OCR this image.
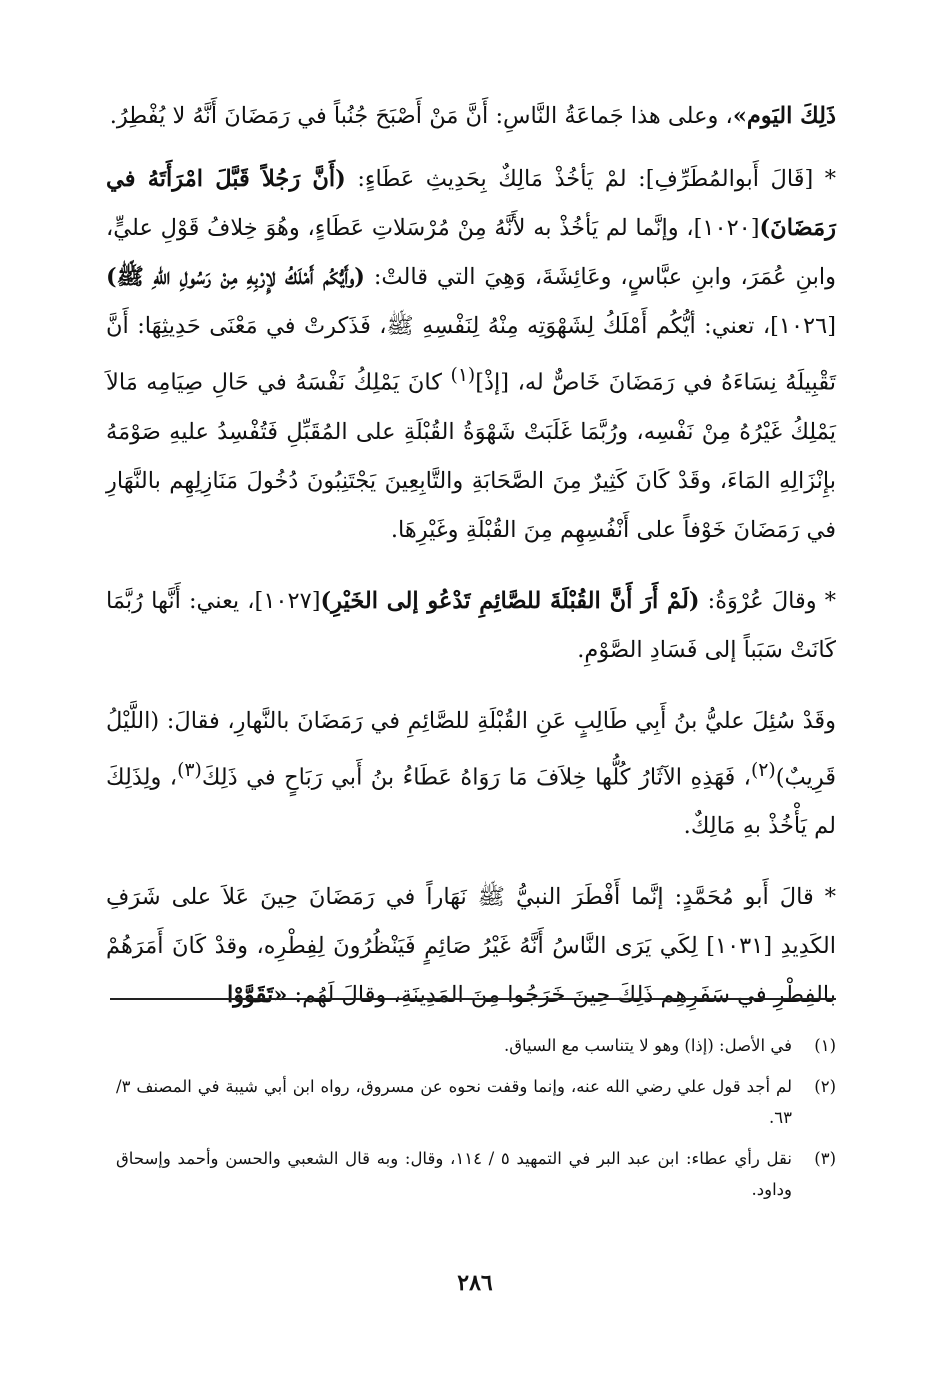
ذَلِكَ اليَوم»، وعلى هذا جَماعَةُ النَّاسِ: أَنَّ مَنْ أَصْبَحَ جُنُباً في رَمَضَانَ أَنَّهُ لا يُفْطِرُ.

* [قَالَ أَبوالمُطَرِّفِ]: لمْ يَأخُذْ مَالِكٌ بِحَدِيثِ عَطَاءٍ: (أَنَّ رَجُلاً قَبَّلَ امْرَأَتَهُ في رَمَضَانَ)[١٠٢٠]، وإنَّما لم يَأخُذْ به لأَنَّهُ مِنْ مُرْسَلاتِ عَطَاءٍ، وهُوَ خِلافُ قَوْلِ عليٍّ، وابنِ عُمَرَ، وابنِ عبَّاسٍ، وعَائِشَةَ، وَهِيَ التي قالتْ: (وأَيُّكُم أَمْلَكُ لإِرْبِهِ مِنْ رَسُولِ اللهِ ﷺ)[١٠٢٦]، تعني: أيُّكُم أَمْلَكُ لِشَهْوَتِه مِنْهُ لِنَفْسِهِ ﷺ، فَذَكرتْ في مَعْنَى حَدِيثِهَا: أَنَّ تَقْبِيلَهُ نِسَاءَهُ في رَمَضَانَ خَاصٌّ له، [إذْ]$^{(١)}$ كانَ يَمْلِكُ نَفْسَهُ في حَالِ صِيَامِه مَالاَ يَمْلِكُ غَيْرُهُ مِنْ نَفْسِه، ورُبَّمَا غَلَبَتْ شَهْوَةُ القُبْلَةِ على المُقَبِّلِ فَتُفْسِدُ عليهِ صَوْمَهُ بإِنْزَالِهِ المَاءَ، وقَدْ كَانَ كَثِيرٌ مِنَ الصَّحَابَةِ والتَّابِعِينَ يَجْتَنِبُونَ دُخُولَ مَنَازِلِهِم بالنَّهَارِ في رَمَضَانَ خَوْفاً على أَنْفُسِهِم مِنَ القُبْلَةِ وغَيْرِهَا.

* وقالَ عُرْوَةُ: (لَمْ أَرَ أَنَّ القُبْلَةَ للصَّائِمِ تَدْعُو إلى الخَيْرِ)[١٠٢٧]، يعني: أَنَّها رُبَّمَا كَانَتْ سَبَباً إلى فَسَادِ الصَّوْمِ.

وقَدْ سُئِلَ عليُّ بنُ أَبِي طَالِبٍ عَنِ القُبْلَةِ للصَّائِمِ في رَمَضَانَ بالنَّهارِ، فقالَ: (اللَّيْلُ قَرِيبٌ)$^{(٢)}$، فَهَذِهِ الآثَارُ كُلُّها خِلاَفَ مَا رَوَاهُ عَطَاءُ بنُ أَبي رَبَاحٍ في ذَلِكَ$^{(٣)}$، ولِذَلِكَ لم يَأْخُذْ بهِ مَالِكٌ.

* قالَ أَبو مُحَمَّدٍ: إنَّما أَفْطَرَ النبيُّ ﷺ نَهَاراً في رَمَضَانَ حِينَ عَلاَ على شَرَفِ الكَدِيدِ [١٠٣١] لِكَي يَرَى النَّاسُ أَنَّهُ غَيْرُ صَائِمٍ فَيَنْظُرُونَ لِفِطْرِه، وقدْ كَانَ أَمَرَهُمْ بالفِطْرِ في سَفَرِهِم ذَلِكَ حِينَ خَرَجُوا مِنَ المَدِينَةِ، وقالَ لَهُم: «تَقَوَّوْا

(١)
في الأصل: (إذا) وهو لا يتناسب مع السياق.
(٢)
لم أجد قول علي رضي الله عنه، وإنما وقفت نحوه عن مسروق، رواه ابن أبي شيبة في المصنف ٣/ ٦٣.
(٣)
نقل رأي عطاء: ابن عبد البر في التمهيد ٥ / ١١٤، وقال: وبه قال الشعبي والحسن وأحمد وإسحاق وداود.
٢٨٦
